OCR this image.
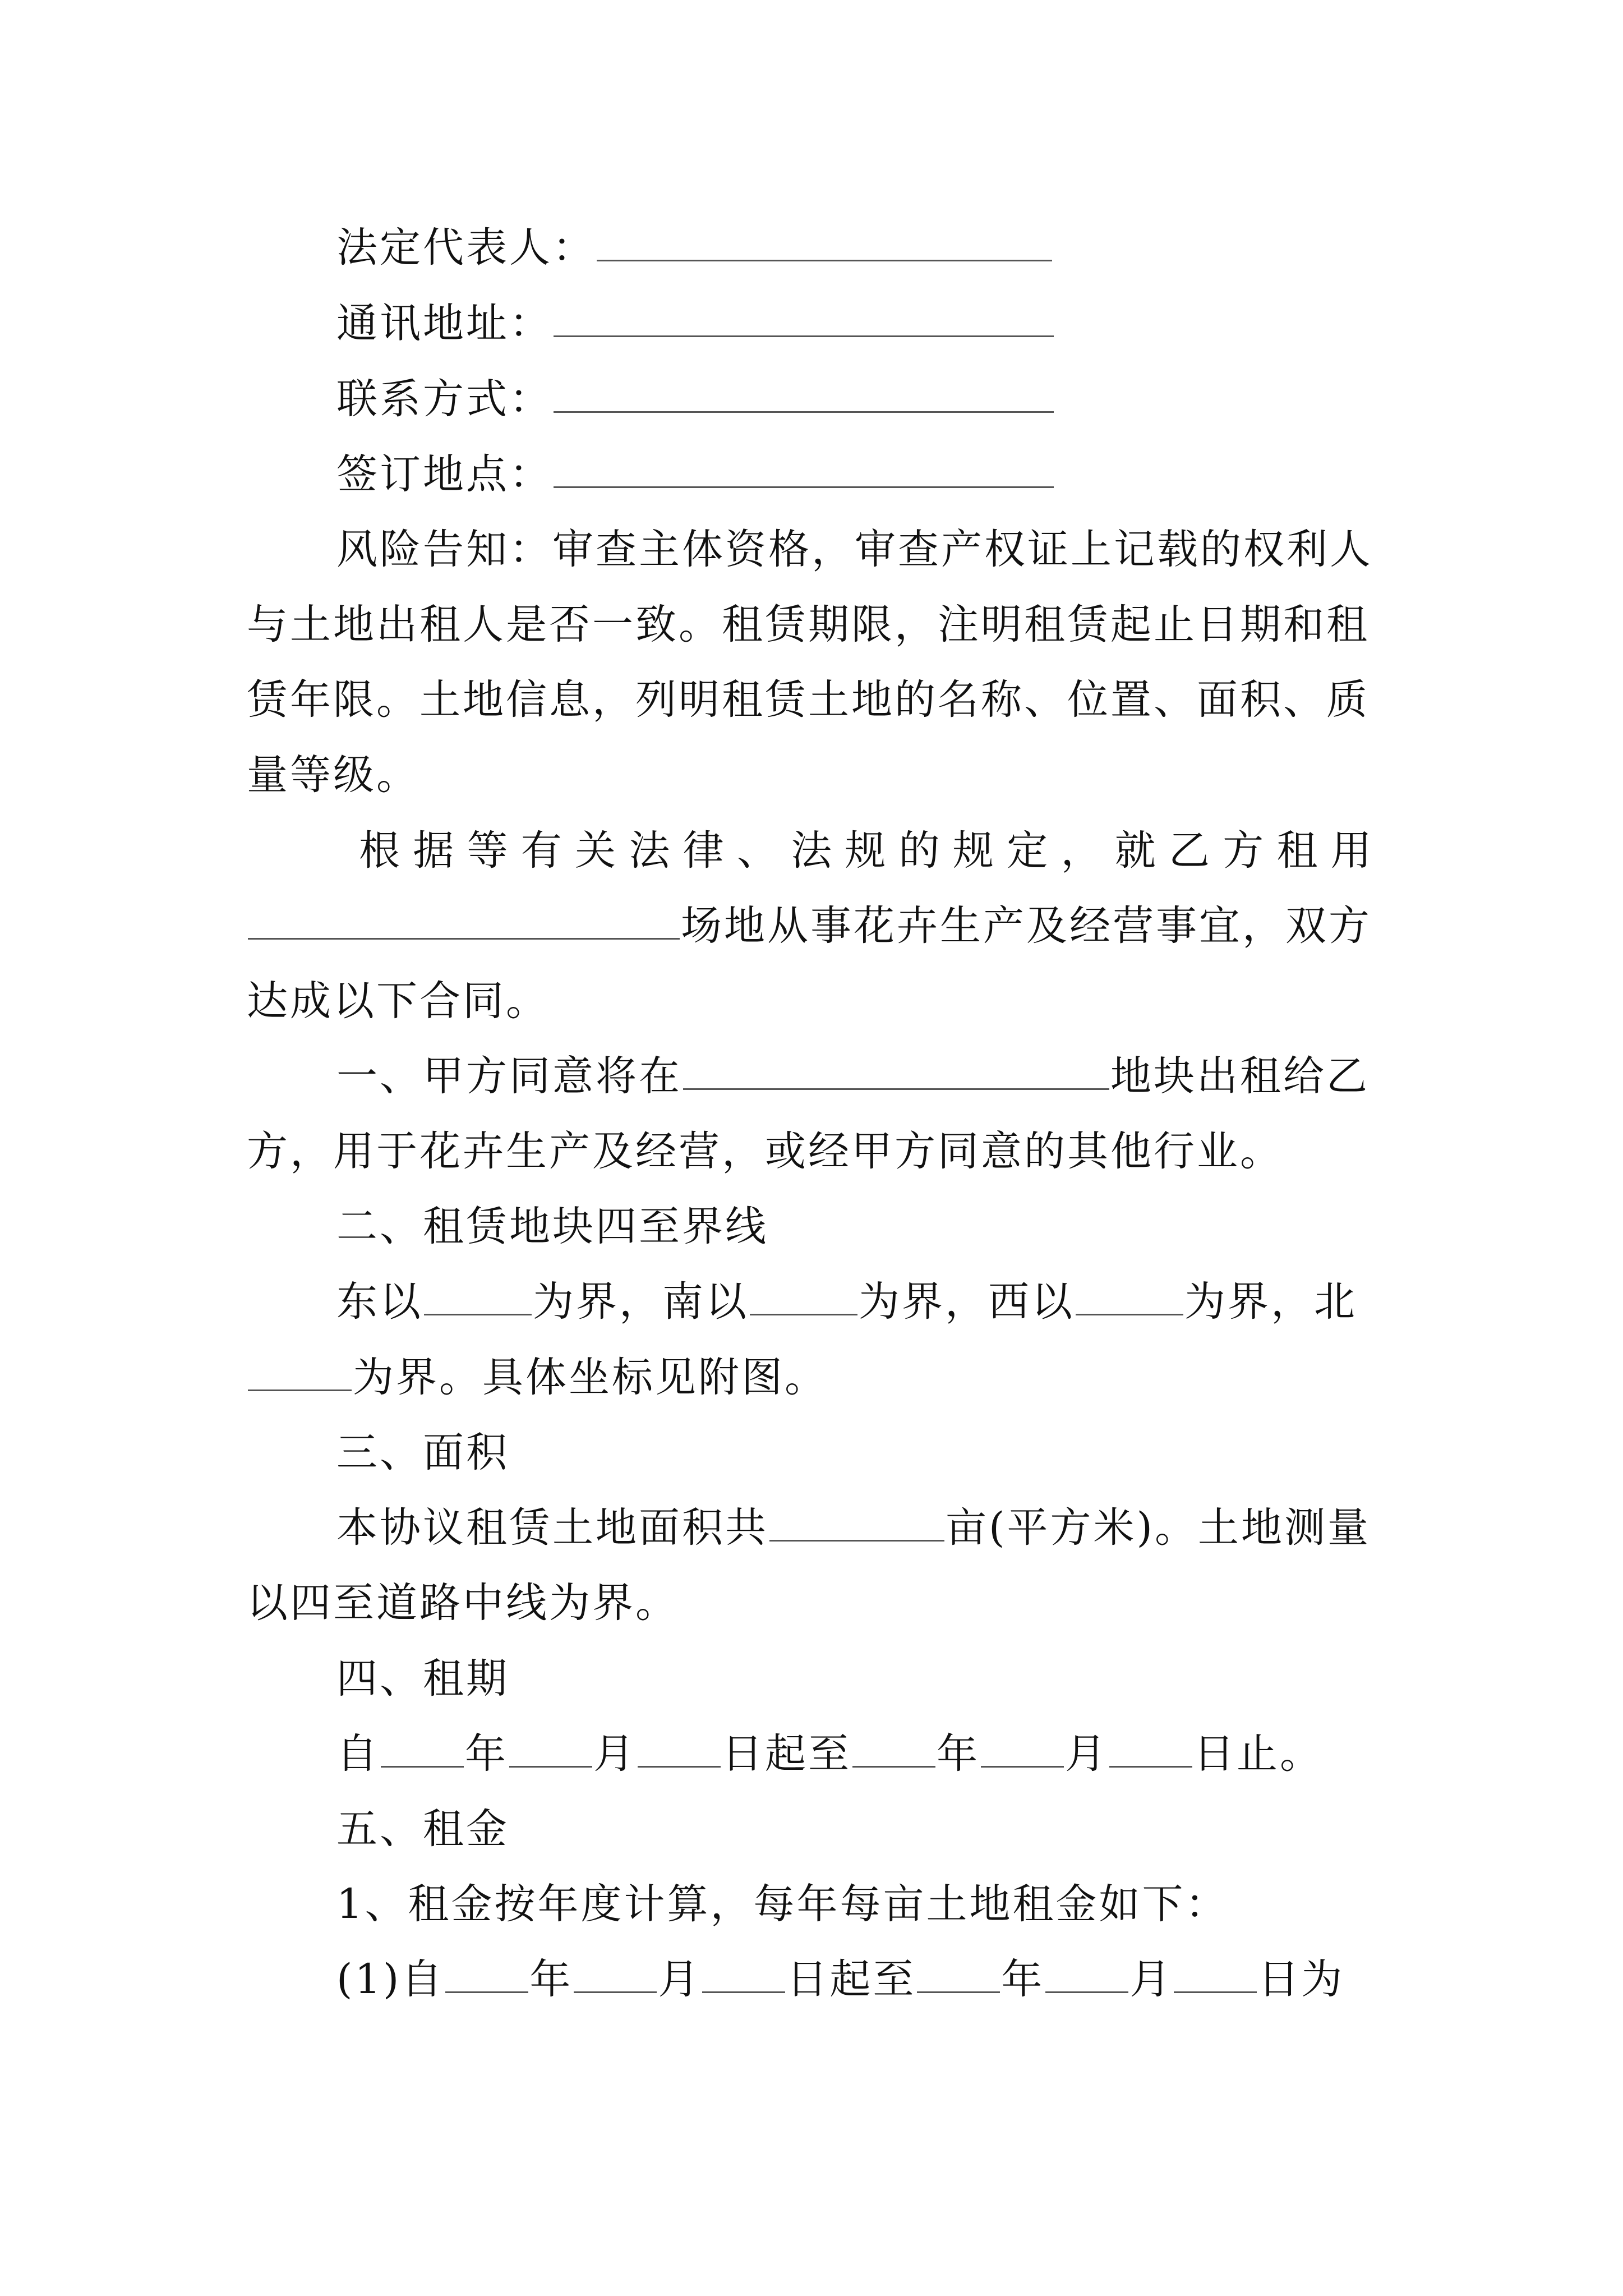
法定代表人：
通讯地址：
联系方式：
签订地点：
风险告知：审查主体资格，审查产权证上记载的权利人
与土地出租人是否一致。租赁期限，注明租赁起止日期和租
赁年限。土地信息，列明租赁土地的名称、位置、面积、质
量等级。
根 据 等 有 关 法 律 、 法 规 的 规 定 ， 就 乙 方 租 用
场地从事花卉生产及经营事宜，双方
达成以下合同。
一、甲方同意将在	地块出租给乙
方，用于花卉生产及经营，或经甲方同意的其他行业。
二、租赁地块四至界线
东以	为界，南以	为界，西以	为界，北
为界。具体坐标见附图。
三、面积
本协议租赁土地面积共	亩(平方米)。土地测量
以四至道路中线为界。
四、租期
自 年 月 日起至 年 月 日止。
五、租金
1、租金按年度计算，每年每亩土地租金如下：
(1)自 年 月 日起至 年 月 日为
